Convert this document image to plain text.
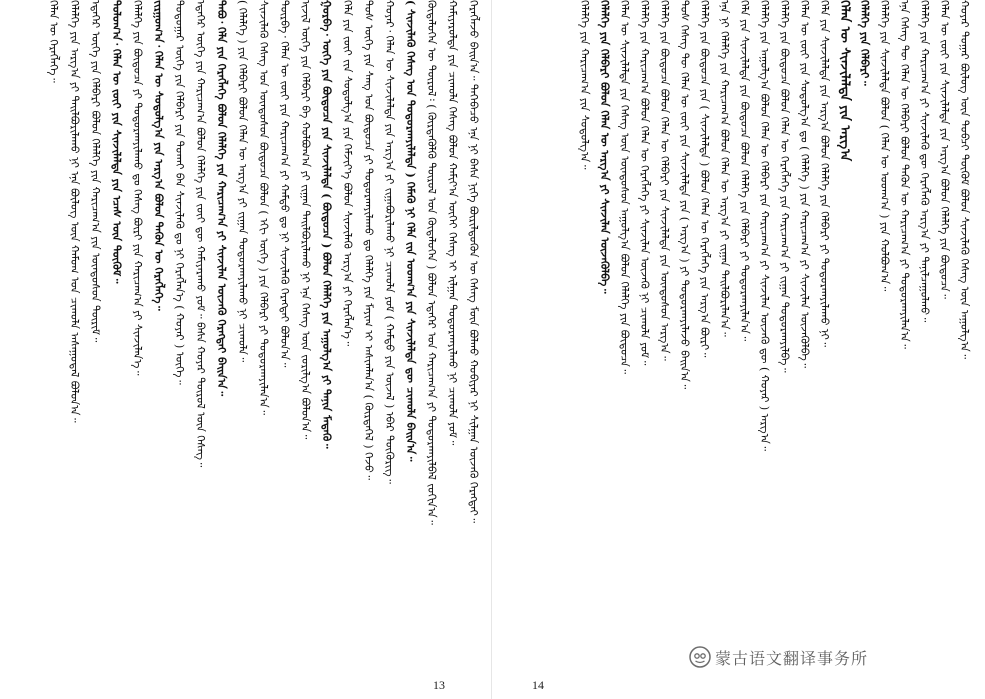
ᠬᠡᠷᠡᠭᠯᠡᠵᠦ ᠪᠠᠢ᠌ᠨ᠎ᠠ᠃ ᠲᠡᠭᠡᠪᠡᠴᠦ ᠡᠨᠡ ᠨᠢ ᠪᠠᠰᠠ ᠨᠢᠭᠡ ᠪᠦᠷᠢᠯᠳᠦᠬᠦᠨ ᠦ ᠬᠡᠰᠡᠭ ᠮᠦᠨ ᠪᠣᠯᠬᠤ ᠬᠤᠪᠢᠶᠠᠷ ᠨᠢ ᠰᠢᠯᠭᠠᠨ ᠦᠵᠡᠬᠦ ᠬᠡᠷᠡᠭᠲᠡᠢ᠃
ᠬᠠᠮᠢᠶᠠᠷᠤᠯᠲᠠ ᠶᠢᠨ ᠴᠢᠬᠤᠯᠠ ᠬᠡᠰᠡᠭ ᠪᠣᠯᠤᠨ ᠬᠠᠮᠢᠶ᠎ᠠ ᠦᠭᠡᠢ ᠬᠡᠰᠡᠭ ᠢ ᠢᠯᠭᠠᠨ ᠲᠣᠳᠣᠷᠬᠠᠶᠢᠯᠬᠤ ᠨᠢ ᠴᠢᠬᠤᠯᠠ ᠶᠤᠮ᠃
ᠬᠦᠳᠡᠯᠦᠭᠡᠨ ᠦ ᠲᠥᠷᠥᠯ᠄ ( ᠬᠦᠷᠲᠡᠭᠦᠯᠬᠦ ᠲᠥᠷᠥᠯ ᠤᠨ ᠬᠥᠳᠡᠯᠦᠭᠡᠨ ) ᠪᠣᠯᠤᠨ ᠡᠳᠡᠭᠡᠷ ᠤᠨ ᠬᠠᠷᠢᠴᠠᠭ᠎ᠠ ᠶᠢ ᠲᠣᠳᠣᠷᠬᠠᠶᠢᠯᠪᠠᠯ ᠵᠣᠬᠢᠨ᠎ᠠ᠃
( ᠰᠢᠨᠵᠢᠯᠡᠬᠦ ᠬᠡᠰᠡᠭ ᠤᠨ ᠲᠣᠳᠣᠷᠬᠠᠶᠢᠯᠠᠯᠲᠠ ) ᠬᠡᠮᠡᠬᠦ ᠨᠢ ᠬᠡᠯᠡ ᠵᠢᠨ ᠤᠳᠬ᠎ᠠ ᠶᠢᠨ ᠰᠢᠨᠵᠢᠯᠡᠯᠲᠡ ᠳᠦ ᠴᠢᠬᠤᠯᠠ ᠪᠠᠢ᠌ᠨ᠎ᠠ᠃
ᠬᠣᠶᠠᠷ᠂ ᠬᠡᠯᠡᠨ ᠦ ᠰᠢᠨᠵᠢᠯᠡᠯᠲᠡ ᠶᠢᠨ ᠠᠷᠭ᠎ᠠ ᠶᠢ ᠵᠢᠭᠠᠪᠤᠷᠢᠯᠠᠬᠤ ᠨᠢ ᠴᠢᠬᠤᠯᠠ ᠶᠤᠮ ( ᠬᠠᠮᠲᠤ ᠶᠢᠨ ᠦᠵᠡᠯ ) ᠡᠪᠡᠷ ᠲᠥᠭᠥᠷᠢᠭ᠃
ᠲᠤᠰ ᠦᠭᠡ ᠶᠢᠨ ᠰᠠᠩ ᠤᠨ ᠪᠦᠲᠦᠴᠡ ᠶᠢ ᠲᠣᠳᠣᠷᠬᠠᠶᠢᠯᠠᠬᠤ ᠳᠤ ᠬᠡᠯᠡᠯᠭᠡ ᠶᠢᠨ ᠮᠠᠶᠢᠭ ᠢ ᠠᠰᠢᠭᠯᠠᠨ᠎ᠠ ( ᠬᠦᠷᠲᠡᠭᠡᠯ ) ᠭᠡᠵᠦ᠃
ᠬᠡᠯᠡ ᠶᠢᠨ ᠵᠦᠢ ᠵᠢᠨ ᠰᠤᠳᠤᠯᠭ᠎ᠠ ᠶᠢᠨ ᠬᠡᠮᠵᠢᠶ᠎ᠡ ᠪᠣᠯᠤᠨ ᠰᠢᠨᠵᠢᠯᠡᠬᠦ ᠠᠷᠭ᠎ᠠ ᠶᠢ ᠬᠡᠷᠡᠭᠯᠡᠨ᠎ᠡ᠃
ᠭᠤᠷᠪᠠ᠂ ᠦᠭᠡ ᠶᠢᠨ ᠪᠦᠲᠦᠴᠡ ᠶᠢᠨ ᠰᠢᠨᠵᠢᠯᠡᠯᠲᠡ ( ᠪᠦᠲᠦᠴᠡ ) ᠪᠣᠯᠤᠨ ᠬᠡᠯᠡᠯᠭᠡ ᠶᠢᠨ ᠠᠭᠤᠯᠭ᠎ᠠ ᠶᠢ ᠲᠠᠨᠢᠨ ᠮᠡᠳᠡᠬᠦ᠃
ᠢᠵᠢᠯ ᠦᠭᠡ ᠶᠢᠨ ᠬᠡᠯᠪᠡᠷᠢ ᠪᠠ ᠬᠣᠯᠪᠣᠭ᠎ᠠ ᠶᠢ ᠵᠢᠭᠠᠨ ᠲᠠᠢᠯᠪᠤᠷᠢᠯᠠᠬᠤ ᠨᠢ ᠡᠨᠡ ᠬᠡᠰᠡᠭ ᠦᠨ ᠵᠣᠷᠢᠯᠭ᠎ᠠ ᠪᠣᠯᠤᠨ᠎ᠠ᠃
ᠳᠥᠷᠪᠡ᠂ ᠬᠡᠯᠡᠨ ᠦ ᠵᠦᠢ ᠶᠢᠨ ᠬᠠᠷᠢᠴᠠᠭ᠎ᠠ ᠶᠢ ᠬᠠᠮᠲᠤ ᠳᠤ ᠨᠢ ᠰᠢᠨᠵᠢᠯᠡᠬᠦ ᠬᠡᠷᠡᠭᠲᠡᠢ ᠪᠣᠯᠤᠨ᠎ᠠ᠃
ᠰᠢᠨᠵᠢᠯᠡᠬᠦ ᠬᠡᠰᠡᠭ ᠤᠨ ᠦᠨᠳᠦᠰᠦᠨ ᠪᠦᠲᠦᠴᠡ ᠪᠣᠯᠤᠨ ( ᠡᠬᠢ ᠦᠭᠡ ) ᠶᠢᠨ ᠬᠡᠯᠪᠡᠷᠢ ᠶᠢ ᠲᠣᠳᠣᠷᠬᠠᠶᠢᠯᠠᠨ᠎ᠠ᠃
( ᠬᠡᠯᠡᠯᠭᠡ ) ᠶᠢᠨ ᠬᠡᠯᠪᠡᠷᠢ ᠪᠣᠯᠤᠨ ᠬᠡᠯᠡᠨ ᠦ ᠠᠷᠭ᠎ᠠ ᠶᠢ ᠵᠢᠭᠠᠨ ᠲᠣᠳᠣᠷᠬᠠᠶᠢᠯᠠᠬᠤ ᠨᠢ ᠴᠢᠬᠤᠯᠠ᠃
ᠲᠠᠪᠤ᠂ ᠬᠡᠯᠡ ᠶᠢᠨ ᠬᠡᠷᠡᠭᠯᠡᠭᠡ ᠪᠣᠯᠤᠨ ᠬᠡᠯᠡᠯᠭᠡ ᠶᠢᠨ ᠬᠠᠷᠢᠴᠠᠭ᠎ᠠ ᠶᠢ ᠰᠢᠨᠵᠢᠯᠡᠨ ᠦᠵᠡᠬᠦ ᠬᠡᠷᠡᠭᠲᠡᠢ ᠪᠠᠢ᠌ᠨ᠎ᠠ᠃
ᠡᠳᠡᠭᠡᠷ ᠦᠭᠡ ᠶᠢᠨ ᠬᠠᠷᠢᠴᠠᠭ᠎ᠠ ᠪᠣᠯᠤᠨ ᠬᠡᠯᠡᠯᠭᠡ ᠶᠢᠨ ᠵᠦᠢ ᠳᠦ ᠬᠠᠮᠢᠶᠠᠷᠠᠬᠤ ᠶᠤᠮ᠃ ᠪᠠᠰᠠ ᠬᠣᠶᠠᠷ ᠲᠥᠷᠥᠯ ᠦᠨ ᠬᠡᠰᠡᠭ᠃
ᠳᠤᠳᠤᠭᠠᠷ ᠦᠭᠡ ᠶᠢᠨ ᠬᠡᠯᠪᠡᠷᠢ ᠶᠢᠨ ᠲᠤᠬᠠᠢ ᠪᠠᠨ ᠰᠢᠨᠵᠢᠯᠡᠬᠦ ᠳᠤ ᠨᠢ ᠬᠡᠷᠡᠭᠯᠡᠨ᠎ᠡ ( ᠬᠣᠶᠠᠷ ) ᠦᠭᠡ᠃
ᠵᠢᠷᠭᠤᠭ᠎ᠠ᠂ ᠬᠡᠯᠡᠨ ᠦ ᠰᠤᠳᠤᠯᠭ᠎ᠠ ᠶᠢᠨ ᠠᠷᠭ᠎ᠠ ᠪᠣᠯᠤᠨ ᠲᠡᠭᠦᠨ ᠦ ᠬᠡᠷᠡᠭᠯᠡᠭᠡ᠃
ᠬᠡᠯᠡᠯᠭᠡ ᠶᠢᠨ ᠪᠦᠲᠦᠴᠡ ᠶᠢ ᠲᠣᠳᠣᠷᠬᠠᠶᠢᠯᠠᠬᠤ ᠳᠤ ᠬᠡᠰᠡᠭ ᠪᠦᠷᠢ ᠶᠢᠨ ᠬᠠᠷᠢᠴᠠᠭ᠎ᠠ ᠶᠢ ᠰᠢᠨᠵᠢᠯᠡᠨ᠎ᠡ᠃
ᠳᠣᠯᠣᠭ᠎ᠠ᠂ ᠬᠡᠯᠡᠨ ᠦ ᠵᠦᠢ ᠶᠢᠨ ᠰᠢᠨᠵᠢᠯᠡᠯᠲᠡ ᠶᠢᠨ ᠡᠴᠡᠰ ᠦᠨ ᠳᠦᠭᠦᠮ᠃
ᠡᠳᠡᠭᠡᠷ ᠦᠭᠡ ᠶᠢᠨ ᠬᠡᠯᠪᠡᠷᠢ ᠪᠣᠯᠤᠨ ᠬᠡᠯᠡᠯᠭᠡ ᠶᠢᠨ ᠬᠠᠷᠢᠴᠠᠭ᠎ᠠ ᠶᠢᠨ ᠦᠨᠳᠦᠰᠦᠨ ᠳᠦᠷᠢᠮ᠃
ᠬᠡᠯᠡᠯᠭᠡ ᠶᠢᠨ ᠠᠷᠭ᠎ᠠ ᠶᠢ ᠲᠠᠢᠯᠪᠤᠷᠢᠯᠠᠬᠤ ᠨᠢ ᠡᠨᠡ ᠪᠦᠯᠦᠭ ᠦᠨ ᠬᠠᠮᠤᠭ ᠤᠨ ᠴᠢᠬᠤᠯᠠ ᠠᠰᠠᠭᠤᠳᠠᠯ ᠪᠣᠯᠤᠨ᠎ᠠ᠃
ᠬᠡᠯᠡᠨ ᠦ ᠬᠡᠷᠡᠭᠯᠡᠭᠡ᠃
13
ᠬᠣᠶᠠᠷ ᠳᠤᠭᠠᠷ ᠪᠦᠯᠦᠭ ᠦᠨ ᠲᠣᠪᠴᠢ ᠳᠦᠭᠦᠮ ᠪᠣᠯᠤᠨ ᠰᠢᠨᠵᠢᠯᠡᠬᠦ ᠬᠡᠰᠡᠭ ᠦᠨ ᠠᠭᠤᠯᠭ᠎ᠠ᠃
ᠬᠡᠯᠡᠨ ᠦ ᠵᠦᠢ ᠶᠢᠨ ᠰᠢᠨᠵᠢᠯᠡᠯᠲᠡ ᠶᠢᠨ ᠠᠷᠭ᠎ᠠ ᠪᠣᠯᠤᠨ ᠬᠡᠯᠡᠯᠭᠡ ᠶᠢᠨ ᠪᠦᠲᠦᠴᠡ᠃
ᠬᠡᠯᠡᠯᠭᠡ ᠶᠢᠨ ᠬᠠᠷᠢᠴᠠᠭ᠎ᠠ ᠶᠢ ᠰᠢᠨᠵᠢᠯᠡᠬᠦ ᠳᠦ ᠬᠡᠷᠡᠭᠯᠡᠬᠦ ᠠᠷᠭ᠎ᠠ ᠶᠢ ᠲᠠᠨᠢᠯᠴᠠᠭᠤᠯᠬᠤ᠃
ᠡᠨᠡ ᠬᠡᠰᠡᠭ ᠲᠦ ᠬᠡᠯᠡᠨ ᠦ ᠬᠡᠯᠪᠡᠷᠢ ᠪᠣᠯᠤᠨ ᠲᠡᠭᠦᠨ ᠦ ᠬᠠᠷᠢᠴᠠᠭ᠎ᠠ ᠶᠢ ᠲᠣᠳᠣᠷᠬᠠᠶᠢᠯᠠᠨ᠎ᠠ᠃
ᠬᠡᠯᠡᠯᠭᠡ ᠶᠢᠨ ᠰᠢᠨᠵᠢᠯᠡᠯᠲᠡ ᠪᠣᠯᠤᠨ ( ᠬᠡᠯᠡᠨ ᠦ ᠤᠳᠬ᠎ᠠ ) ᠶᠢᠨ ᠬᠣᠯᠪᠣᠭ᠎ᠠ᠃
ᠬᠡᠯᠡᠯᠭᠡ ᠶᠢᠨ ᠬᠡᠯᠪᠡᠷᠢ᠃
ᠬᠡᠯᠡᠨ ᠦ ᠰᠢᠨᠵᠢᠯᠡᠯᠲᠡ ᠶᠢᠨ ᠠᠷᠭ᠎ᠠ
ᠬᠡᠯᠡ ᠶᠢᠨ ᠰᠢᠨᠵᠢᠯᠡᠯᠲᠡ ᠶᠢᠨ ᠠᠷᠭ᠎ᠠ ᠪᠣᠯᠤᠨ ᠬᠡᠯᠡᠯᠭᠡ ᠶᠢᠨ ᠬᠡᠯᠪᠡᠷᠢ ᠶᠢ ᠲᠣᠳᠣᠷᠬᠠᠶᠢᠯᠠᠬᠤ ᠨᠢ᠃
ᠬᠡᠯᠡᠨ ᠦ ᠵᠦᠢ ᠶᠢᠨ ᠰᠤᠳᠤᠯᠭ᠎ᠠ ᠳᠤ ( ᠬᠡᠯᠡᠯᠭᠡ ) ᠶᠢᠨ ᠬᠠᠷᠢᠴᠠᠭ᠎ᠠ ᠶᠢ ᠰᠢᠨᠵᠢᠯᠡᠨ ᠦᠵᠡᠭᠦᠯᠪᠡ᠃
ᠬᠡᠯᠡᠯᠭᠡ ᠶᠢᠨ ᠪᠦᠲᠦᠴᠡ ᠪᠣᠯᠤᠨ ᠬᠡᠯᠡᠨ ᠦ ᠬᠡᠷᠡᠭᠯᠡᠭᠡ ᠶᠢᠨ ᠬᠠᠷᠢᠴᠠᠭ᠎ᠠ ᠶᠢ ᠵᠢᠭᠠᠨ ᠲᠣᠳᠣᠷᠬᠠᠶᠢᠯᠪᠠ᠃
ᠬᠡᠯᠡᠯᠭᠡ ᠶᠢᠨ ᠠᠭᠤᠯᠭ᠎ᠠ ᠪᠣᠯᠤᠨ ᠬᠡᠯᠡᠨ ᠦ ᠬᠡᠯᠪᠡᠷᠢ ᠶᠢᠨ ᠬᠠᠷᠢᠴᠠᠭ᠎ᠠ ᠶᠢ ᠰᠢᠨᠵᠢᠯᠡᠨ ᠦᠵᠡᠬᠦ ᠳᠦ ( ᠬᠣᠶᠠᠷ ) ᠠᠷᠭ᠎ᠠ᠃
ᠬᠡᠯᠡ ᠶᠢᠨ ᠰᠢᠨᠵᠢᠯᠡᠯᠲᠡ ᠶᠢᠨ ᠪᠦᠲᠦᠴᠡ ᠪᠣᠯᠤᠨ ᠬᠡᠯᠡᠯᠭᠡ ᠶᠢᠨ ᠬᠡᠯᠪᠡᠷᠢ ᠶᠢ ᠲᠣᠳᠣᠷᠬᠠᠶᠢᠯᠠᠨ᠎ᠠ᠃
ᠡᠨᠡ ᠨᠢ ᠬᠡᠯᠡᠯᠭᠡ ᠶᠢᠨ ᠬᠠᠷᠢᠴᠠᠭ᠎ᠠ ᠪᠣᠯᠤᠨ ᠬᠡᠯᠡᠨ ᠦ ᠠᠷᠭ᠎ᠠ ᠶᠢ ᠵᠢᠭᠠᠨ ᠲᠠᠢᠯᠪᠤᠷᠢᠯᠠᠨ᠎ᠠ᠃
ᠬᠡᠯᠡᠯᠭᠡ ᠶᠢᠨ ᠪᠦᠲᠦᠴᠡ ᠶᠢᠨ ( ᠰᠢᠨᠵᠢᠯᠡᠯᠲᠡ ) ᠪᠣᠯᠤᠨ ᠬᠡᠯᠡᠨ ᠦ ᠬᠡᠷᠡᠭᠯᠡᠭᠡ ᠶᠢᠨ ᠠᠷᠭ᠎ᠠ ᠪᠦᠷᠢ᠃
ᠲᠤᠰ ᠬᠡᠰᠡᠭ ᠲᠦ ᠬᠡᠯᠡᠨ ᠦ ᠵᠦᠢ ᠶᠢᠨ ᠰᠢᠨᠵᠢᠯᠡᠯᠲᠡ ᠶᠢᠨ ( ᠠᠷᠭ᠎ᠠ ) ᠶᠢ ᠲᠣᠳᠣᠷᠬᠠᠶᠢᠯᠠᠵᠤ ᠪᠠᠢ᠌ᠨ᠎ᠠ᠃
ᠬᠡᠯᠡᠯᠭᠡ ᠶᠢᠨ ᠪᠦᠲᠦᠴᠡ ᠪᠣᠯᠤᠨ ᠬᠡᠯᠡᠨ ᠦ ᠬᠡᠯᠪᠡᠷᠢ ᠶᠢᠨ ᠰᠢᠨᠵᠢᠯᠡᠯᠲᠡ ᠶᠢᠨ ᠦᠨᠳᠦᠰᠦᠨ ᠠᠷᠭ᠎ᠠ᠃
ᠬᠡᠯᠡᠯᠭᠡ ᠶᠢᠨ ᠬᠠᠷᠢᠴᠠᠭ᠎ᠠ ᠪᠣᠯᠤᠨ ᠬᠡᠯᠡᠨ ᠦ ᠬᠡᠷᠡᠭᠯᠡᠭᠡ ᠶᠢ ᠰᠢᠨᠵᠢᠯᠡᠨ ᠦᠵᠡᠬᠦ ᠨᠢ ᠴᠢᠬᠤᠯᠠ ᠶᠤᠮ᠃
ᠬᠡᠯᠡᠨ ᠦ ᠰᠢᠨᠵᠢᠯᠡᠯᠲᠡ ᠶᠢᠨ ᠬᠡᠰᠡᠭ ᠦᠨ ᠦᠨᠳᠦᠰᠦᠨ ᠠᠭᠤᠯᠭ᠎ᠠ ᠪᠣᠯᠤᠨ ᠬᠡᠯᠡᠯᠭᠡ ᠶᠢᠨ ᠪᠦᠲᠦᠴᠡ᠃
ᠬᠡᠯᠡᠯᠭᠡ ᠶᠢᠨ ᠬᠡᠯᠪᠡᠷᠢ ᠪᠣᠯᠤᠨ ᠬᠡᠯᠡᠨ ᠦ ᠠᠷᠭ᠎ᠠ ᠶᠢ ᠰᠢᠨᠵᠢᠯᠡᠨ ᠦᠵᠡᠭᠦᠯᠪᠡ᠃
ᠬᠡᠯᠡᠯᠭᠡ ᠶᠢᠨ ᠬᠠᠷᠢᠴᠠᠭ᠎ᠠ ᠶᠢᠨ ᠰᠤᠳᠤᠯᠭ᠎ᠠ᠃
14
蒙古语文翻译事务所
